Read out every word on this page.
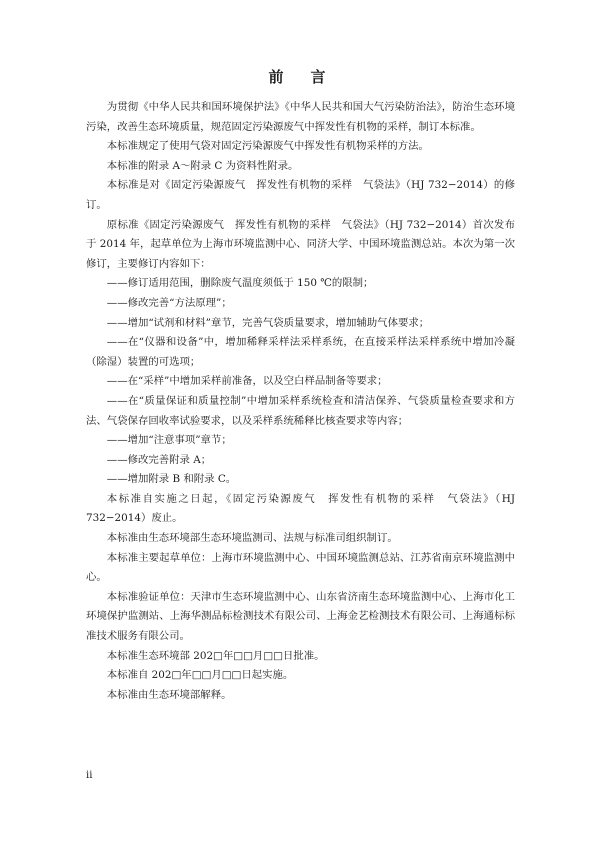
前　言

为贯彻《中华人民共和国环境保护法》《中华人民共和国大气污染防治法》，防治生态环境污染，改善生态环境质量，规范固定污染源废气中挥发性有机物的采样，制订本标准。

本标准规定了使用气袋对固定污染源废气中挥发性有机物采样的方法。

本标准的附录 A～附录 C 为资料性附录。

本标准是对《固定污染源废气　挥发性有机物的采样　气袋法》（HJ 732−2014）的修订。

原标准《固定污染源废气　挥发性有机物的采样　气袋法》（HJ 732−2014）首次发布于 2014 年，起草单位为上海市环境监测中心、同济大学、中国环境监测总站。本次为第一次修订，主要修订内容如下：

——修订适用范围，删除废气温度须低于 150 ℃的限制；

——修改完善“方法原理”；

——增加“试剂和材料”章节，完善气袋质量要求，增加辅助气体要求；

——在“仪器和设备”中，增加稀释采样法采样系统，在直接采样法采样系统中增加冷凝（除湿）装置的可选项；

——在“采样”中增加采样前准备，以及空白样品制备等要求；

——在“质量保证和质量控制”中增加采样系统检查和清洁保养、气袋质量检查要求和方法、气袋保存回收率试验要求，以及采样系统稀释比核查要求等内容；

——增加“注意事项”章节；

——修改完善附录 A；

——增加附录 B 和附录 C。

本标准自实施之日起，《固定污染源废气　挥发性有机物的采样　气袋法》（HJ 732−2014）废止。

本标准由生态环境部生态环境监测司、法规与标准司组织制订。

本标准主要起草单位：上海市环境监测中心、中国环境监测总站、江苏省南京环境监测中心。

本标准验证单位：天津市生态环境监测中心、山东省济南生态环境监测中心、上海市化工环境保护监测站、上海华测品标检测技术有限公司、上海金艺检测技术有限公司、上海通标标准技术服务有限公司。

本标准生态环境部 202□年□□月□□日批准。

本标准自 202□年□□月□□日起实施。

本标准由生态环境部解释。

ii
